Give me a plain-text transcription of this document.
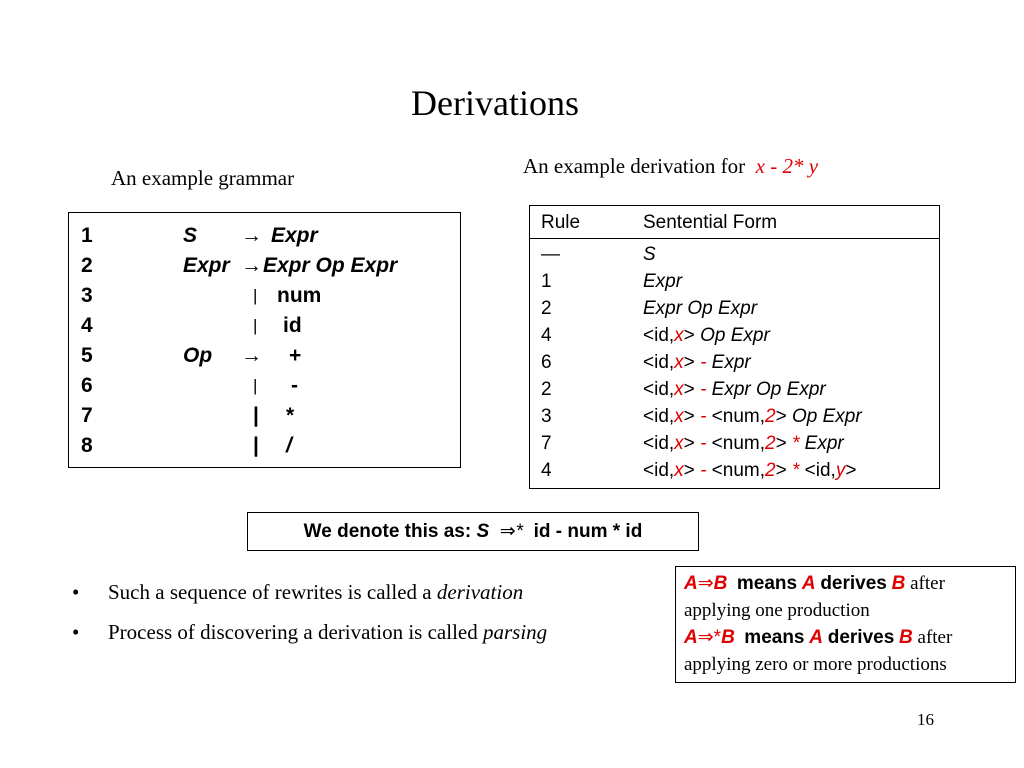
Derivations
An example grammar	An example derivation for x - 2* y
1	S → Expr
2	Expr → Expr Op Expr
3	| num
4	| id
5	Op → +
6	| -
7	| *
8	| /
Rule	Sentential Form
—	S
1	Expr
2	Expr Op Expr
4	<id,x> Op Expr
6	<id,x> - Expr
2	<id,x> - Expr Op Expr
3	<id,x> - <num,2> Op Expr
7	<id,x> - <num,2> * Expr
4	<id,x> - <num,2> * <id,y>
We denote this as: S ⇒* id - num * id
• Such a sequence of rewrites is called a derivation
• Process of discovering a derivation is called parsing
A⇒B means A derives B after
applying one production
A⇒*B means A derives B after
applying zero or more productions
16
